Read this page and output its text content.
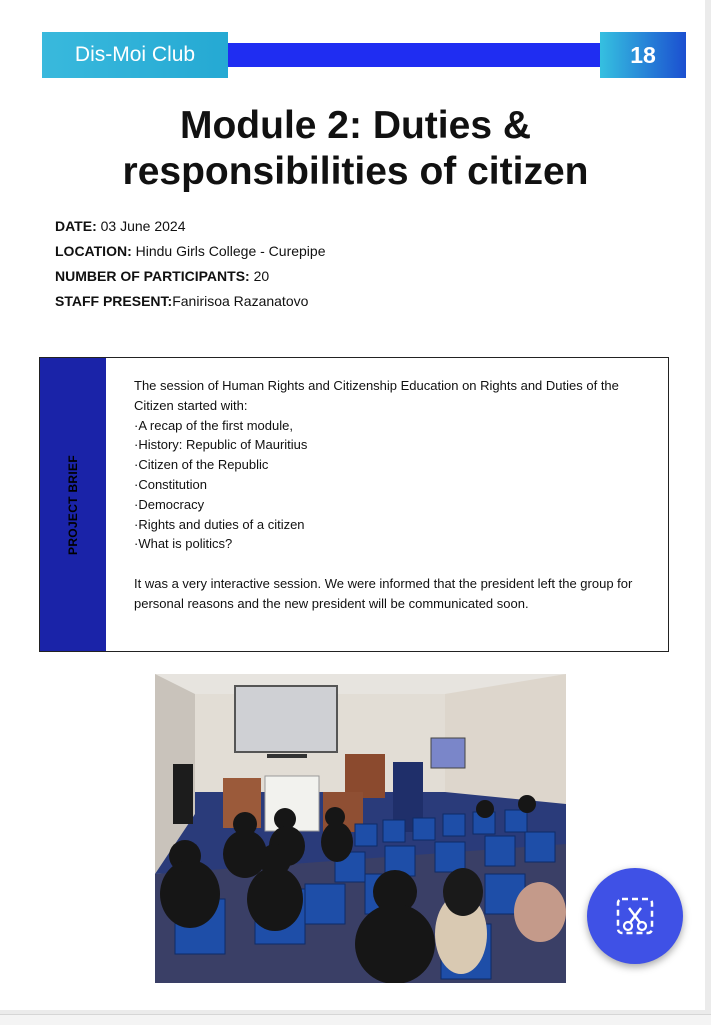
Dis-Moi Club	18
Module 2: Duties & responsibilities of citizen
DATE: 03 June 2024
LOCATION: Hindu Girls College - Curepipe
NUMBER OF PARTICIPANTS: 20
STAFF PRESENT:Fanirisoa Razanatovo
PROJECT BRIEF

The session of Human Rights and Citizenship Education on Rights and Duties of the Citizen started with:

·A recap of the first module,
·History: Republic of Mauritius
·Citizen of the Republic
·Constitution
·Democracy
·Rights and duties of a citizen
·What is politics?

It was a very interactive session. We were informed that the president left the group for personal reasons and the new president will be communicated soon.
